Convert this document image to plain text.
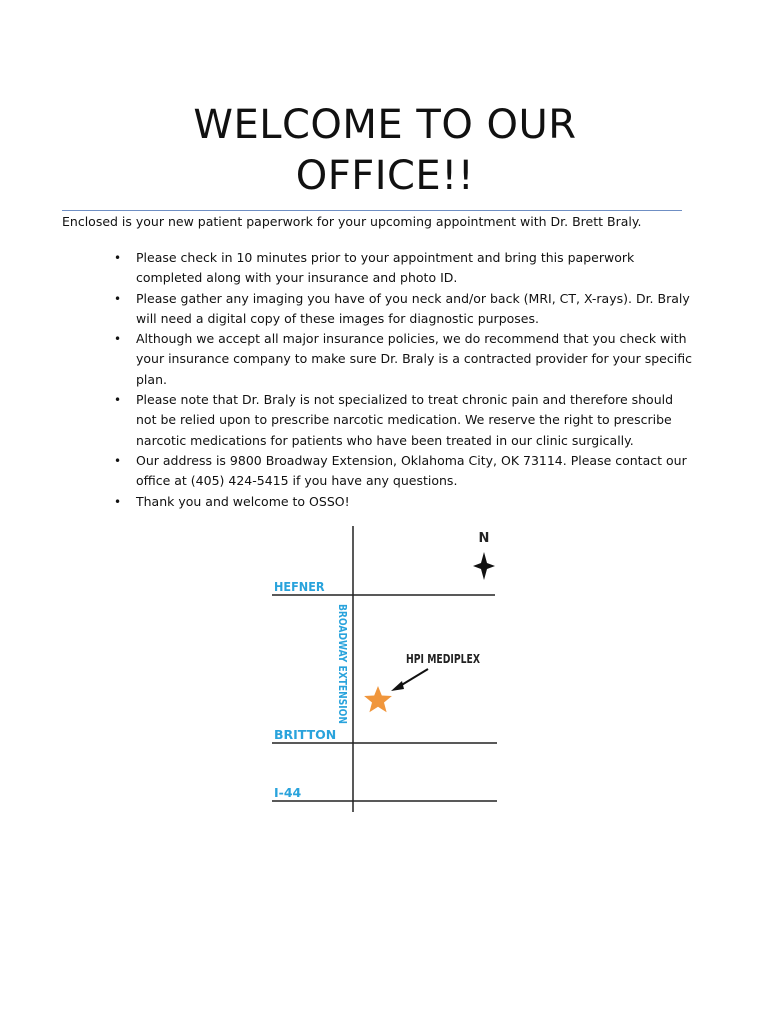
WELCOME TO OUR
OFFICE!!

Enclosed is your new patient paperwork for your upcoming appointment with Dr. Brett Braly.

• Please check in 10 minutes prior to your appointment and bring this paperwork completed along with your insurance and photo ID.
• Please gather any imaging you have of you neck and/or back (MRI, CT, X-rays). Dr. Braly will need a digital copy of these images for diagnostic purposes.
• Although we accept all major insurance policies, we do recommend that you check with your insurance company to make sure Dr. Braly is a contracted provider for your specific plan.
• Please note that Dr. Braly is not specialized to treat chronic pain and therefore should not be relied upon to prescribe narcotic medication. We reserve the right to prescribe narcotic medications for patients who have been treated in our clinic surgically.
• Our address is 9800 Broadway Extension, Oklahoma City, OK 73114. Please contact our office at (405) 424-5415 if you have any questions.
• Thank you and welcome to OSSO!
HEFNER
BRITTON
I-44
BROADWAY EXTENSION
N
HPI MEDIPLEX
